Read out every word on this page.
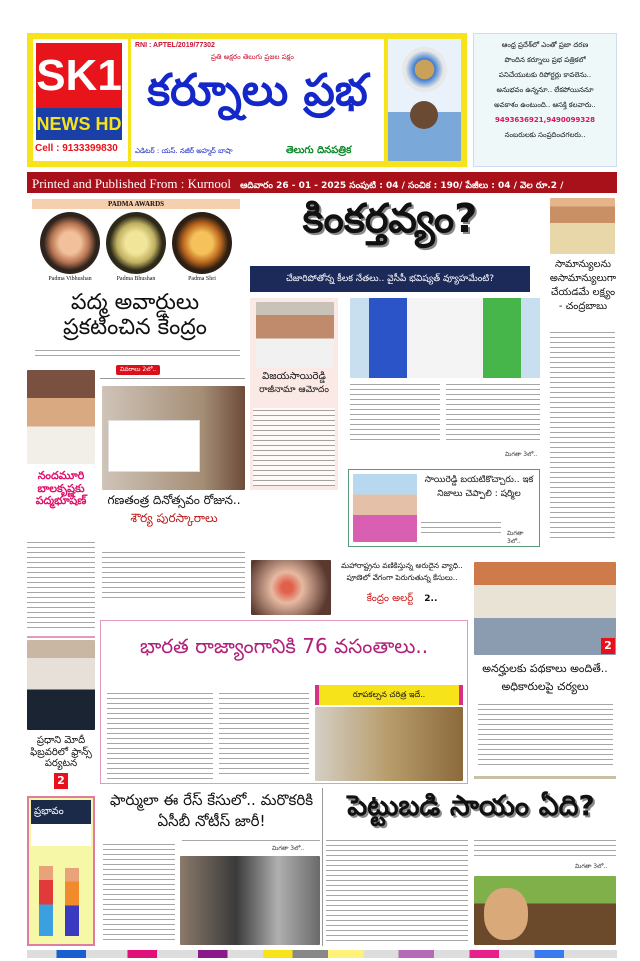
SK1
NEWS HD
Cell : 9133399830
RNI : APTEL/2019/77302
ప్రతి అక్షరం తెలుగు ప్రజల పక్షం
కర్నూలు ప్రభ
ఎడిటర్ : యస్. నజీర్ అహ్మద్ బాషా	తెలుగు దినపత్రిక
ఆంధ్ర ప్రదేశ్‌లో ఎంతో ప్రజా దరణ
పొందిన కర్నూలు ప్రభ పత్రికలో
పనిచేయుటకు రిపోర్టర్లు కావలెను..
అనుభవం ఉన్ననూ.. లేకపోయిననూ
అవకాశం ఉంటుంది.. ఆసక్తి కలవారు..
9493636921,9490099328
నంబరులకు సంప్రదించగలరు..
Printed and Published From : Kurnool ఆదివారం 26 - 01 - 2025 సంపుటి : 04 / సంచిక : 190/ పేజీలు : 04 / వెల రూ.2 /
PADMA AWARDS
Padma Vibhushan	Padma Bhushan	Padma Shri
పద్మ అవార్డులు ప్రకటించిన కేంద్రం
నందమూరి బాలకృష్ణకు పద్మభూషణ్
ప్రధాని మోదీ ఫిబ్రవరిలో ఫ్రాన్స్ పర్యటన
2
వివరాలు 2లో..
గణతంత్ర దినోత్సవం రోజున..
శౌర్య పురస్కారాలు
కింకర్తవ్యం?
చేజారిపోతోన్న కీలక నేతలు.. వైసీపీ భవిష్యత్ వ్యూహమేంటి?
విజయసాయిరెడ్డి
రాజీనామా ఆమోదం
మిగతా 3లో..
సాయిరెడ్డి బయటికొచ్చారు.. ఇక నిజాలు చెప్పాలి : షర్మిల
మిగతా 3లో..
సామాన్యులను అసామాన్యులుగా చేయడమే లక్ష్యం - చంద్రబాబు
మహారాష్ట్రను వణికిస్తున్న అరుదైన వ్యాధి.. పూణెలో వేగంగా పెరుగుతున్న కేసులు..
కేంద్రం అలర్ట్ 2..
2
అనర్హులకు పథకాలు అందితే.. అధికారులపై చర్యలు
భారత రాజ్యాంగానికి 76 వసంతాలు..
రూపకల్పన చరిత్ర ఇదే..
ఫార్ములా ఈ రేస్ కేసులో.. మరొకరికి ఏసీబీ నోటీస్ జారీ!
ప్రభావం
మిగతా 3లో..
పెట్టుబడి సాయం ఏది?
మిగతా 3లో..
